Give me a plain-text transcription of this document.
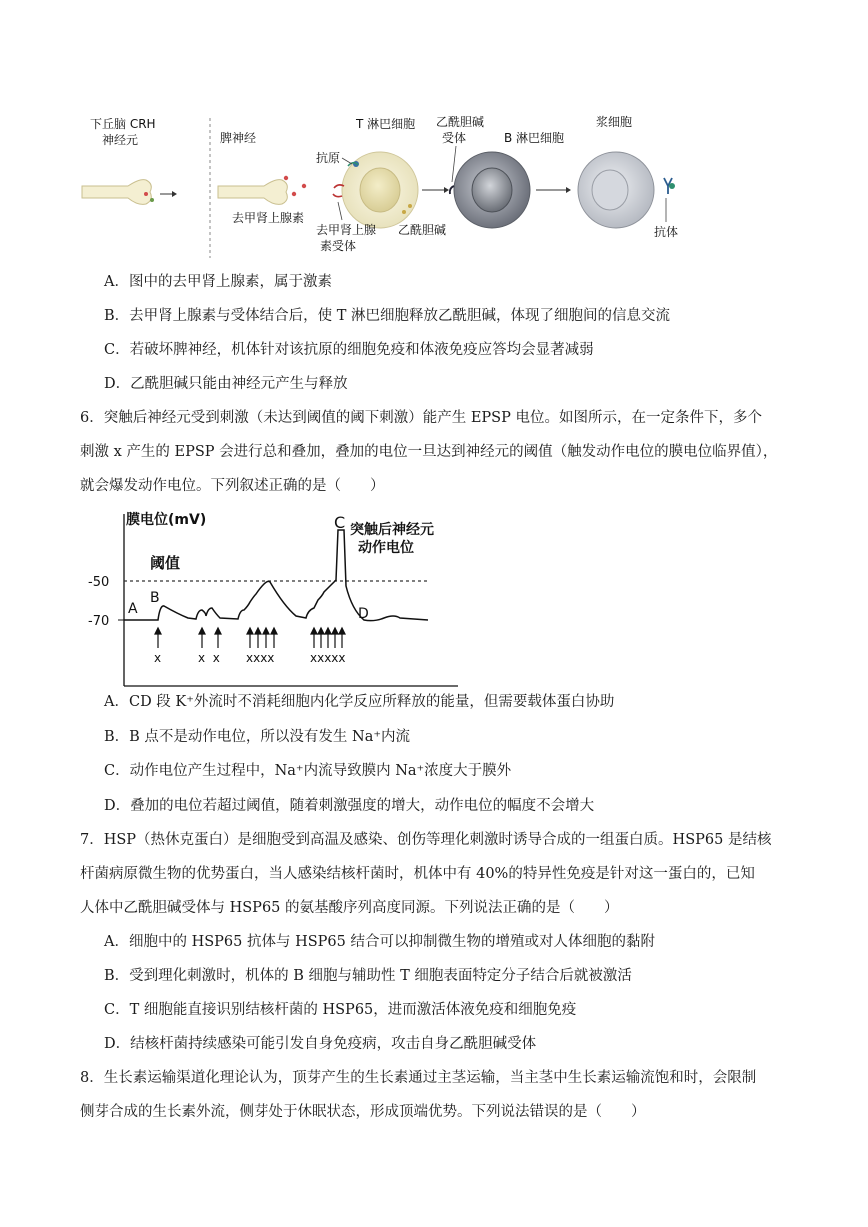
下丘脑 CRH
神经元	脾神经
去甲肾上腺素
T 淋巴细胞
抗原
去甲肾上腺
素受体
乙酰胆碱
乙酰胆碱
受体	B 淋巴细胞
浆细胞
抗体
A．图中的去甲肾上腺素，属于激素
B．去甲肾上腺素与受体结合后，使 T 淋巴细胞释放乙酰胆碱，体现了细胞间的信息交流
C．若破坏脾神经，机体针对该抗原的细胞免疫和体液免疫应答均会显著减弱
D．乙酰胆碱只能由神经元产生与释放
6．突触后神经元受到刺激（未达到阈值的阈下刺激）能产生 EPSP 电位。如图所示，在一定条件下，多个
刺激 x 产生的 EPSP 会进行总和叠加，叠加的电位一旦达到神经元的阈值（触发动作电位的膜电位临界值），
就会爆发动作电位。下列叙述正确的是（　　）
膜电位(mV)
阈值
-50
-70
A
B
C
D
突触后神经元
动作电位
x	x  x xxxx	xxxxx
A．CD 段 K⁺外流时不消耗细胞内化学反应所释放的能量，但需要载体蛋白协助
B．B 点不是动作电位，所以没有发生 Na⁺内流
C．动作电位产生过程中，Na⁺内流导致膜内 Na⁺浓度大于膜外
D．叠加的电位若超过阈值，随着刺激强度的增大，动作电位的幅度不会增大
7．HSP（热休克蛋白）是细胞受到高温及感染、创伤等理化刺激时诱导合成的一组蛋白质。HSP65 是结核
杆菌病原微生物的优势蛋白，当人感染结核杆菌时，机体中有 40%的特异性免疫是针对这一蛋白的，已知
人体中乙酰胆碱受体与 HSP65 的氨基酸序列高度同源。下列说法正确的是（　　）
A．细胞中的 HSP65 抗体与 HSP65 结合可以抑制微生物的增殖或对人体细胞的黏附
B．受到理化刺激时，机体的 B 细胞与辅助性 T 细胞表面特定分子结合后就被激活
C．T 细胞能直接识别结核杆菌的 HSP65，进而激活体液免疫和细胞免疫
D．结核杆菌持续感染可能引发自身免疫病，攻击自身乙酰胆碱受体
8．生长素运输渠道化理论认为，顶芽产生的生长素通过主茎运输，当主茎中生长素运输流饱和时，会限制
侧芽合成的生长素外流，侧芽处于休眠状态，形成顶端优势。下列说法错误的是（　　）
